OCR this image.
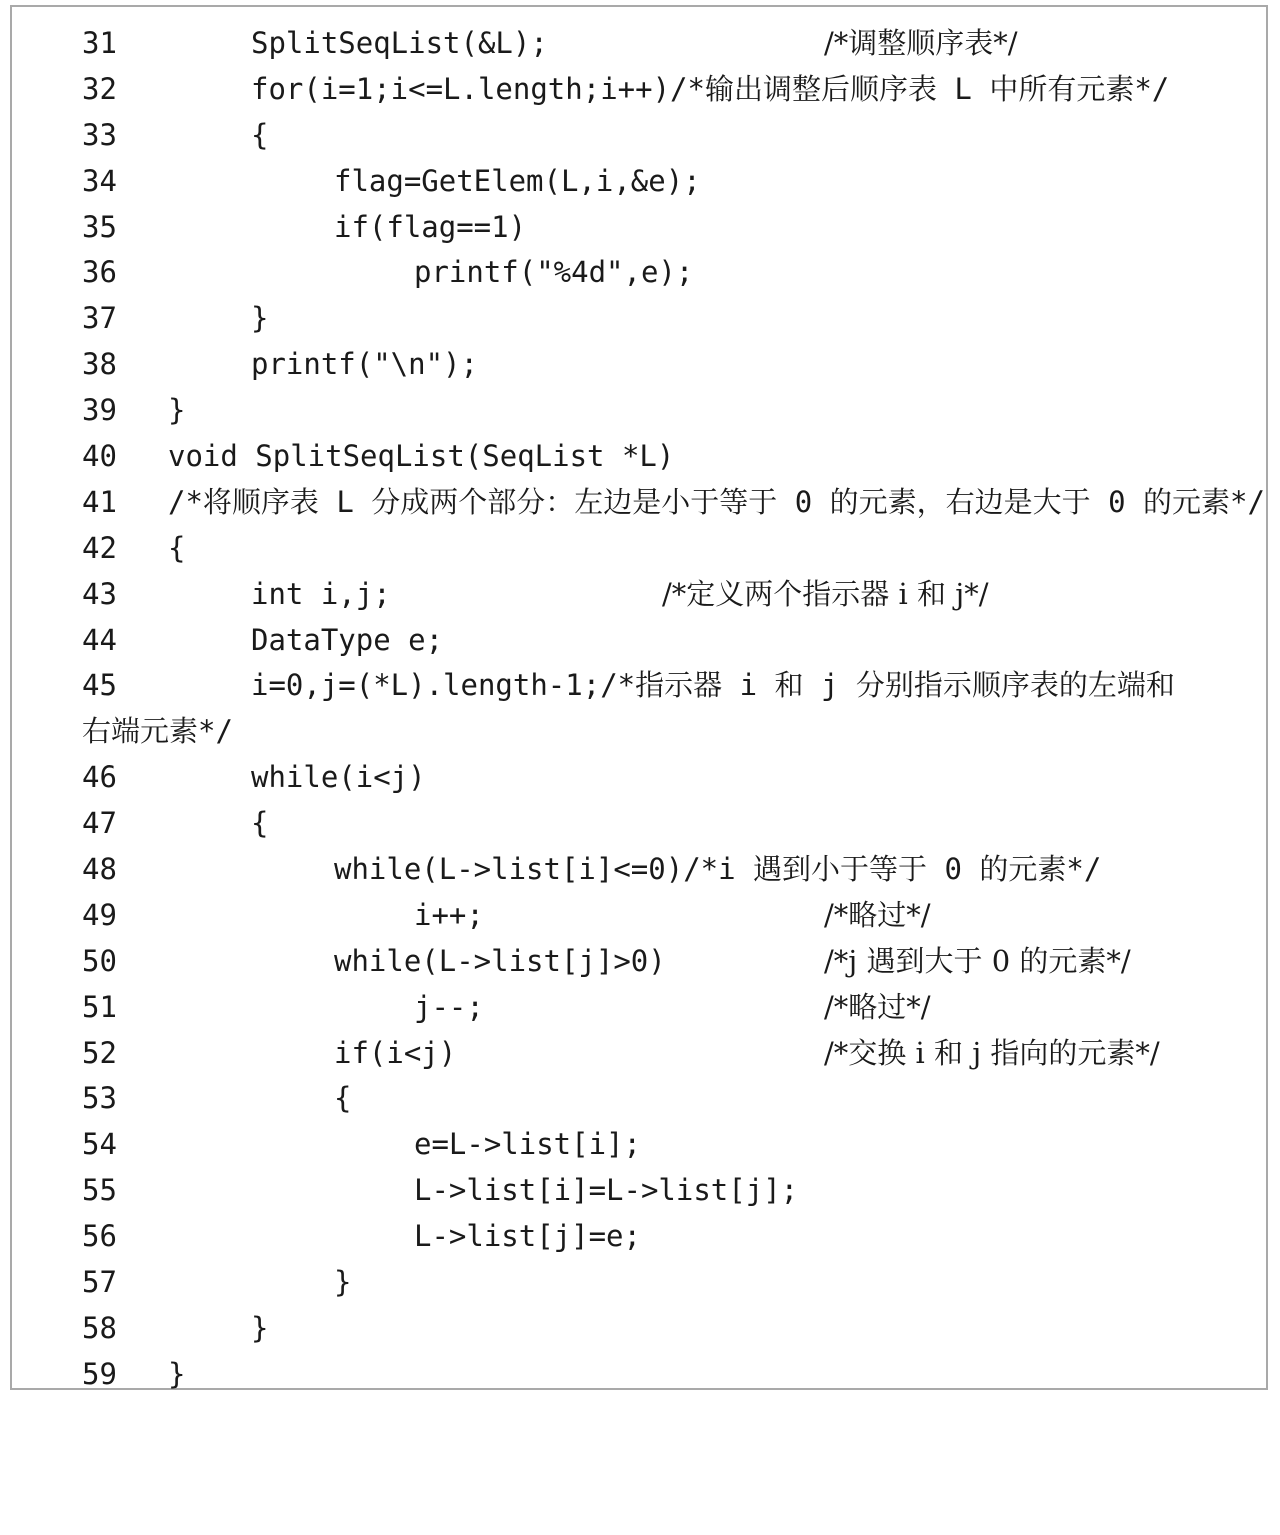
31

	SplitSeqList(&L);

	/*调整顺序表*/

32

	for(i=1;i<=L.length;i++)/*输出调整后顺序表 L 中所有元素*/

33

	{

34

	flag=GetElem(L,i,&e);

35

	if(flag==1)

36

	printf("%4d",e);

37

	}

38

	printf("\n");

39

}

40

void SplitSeqList(SeqList *L)

41

/*将顺序表 L 分成两个部分：左边是小于等于 0 的元素，右边是大于 0 的元素*/

42

{

43

	int i,j;

	/*定义两个指示器 i 和 j*/

44

	DataType e;

45

	i=0,j=(*L).length-1;/*指示器 i 和 j 分别指示顺序表的左端和

右端元素*/

46

	while(i<j)

47

	{

48

	while(L->list[i]<=0)/*i 遇到小于等于 0 的元素*/

49

	i++;

	/*略过*/

50

	while(L->list[j]>0)

	/*j 遇到大于 0 的元素*/

51

	j--;

	/*略过*/

52

	if(i<j)

	/*交换 i 和 j 指向的元素*/

53

	{

54

	e=L->list[i];

55

	L->list[i]=L->list[j];

56

	L->list[j]=e;

57

	}

58

	}

59

}
